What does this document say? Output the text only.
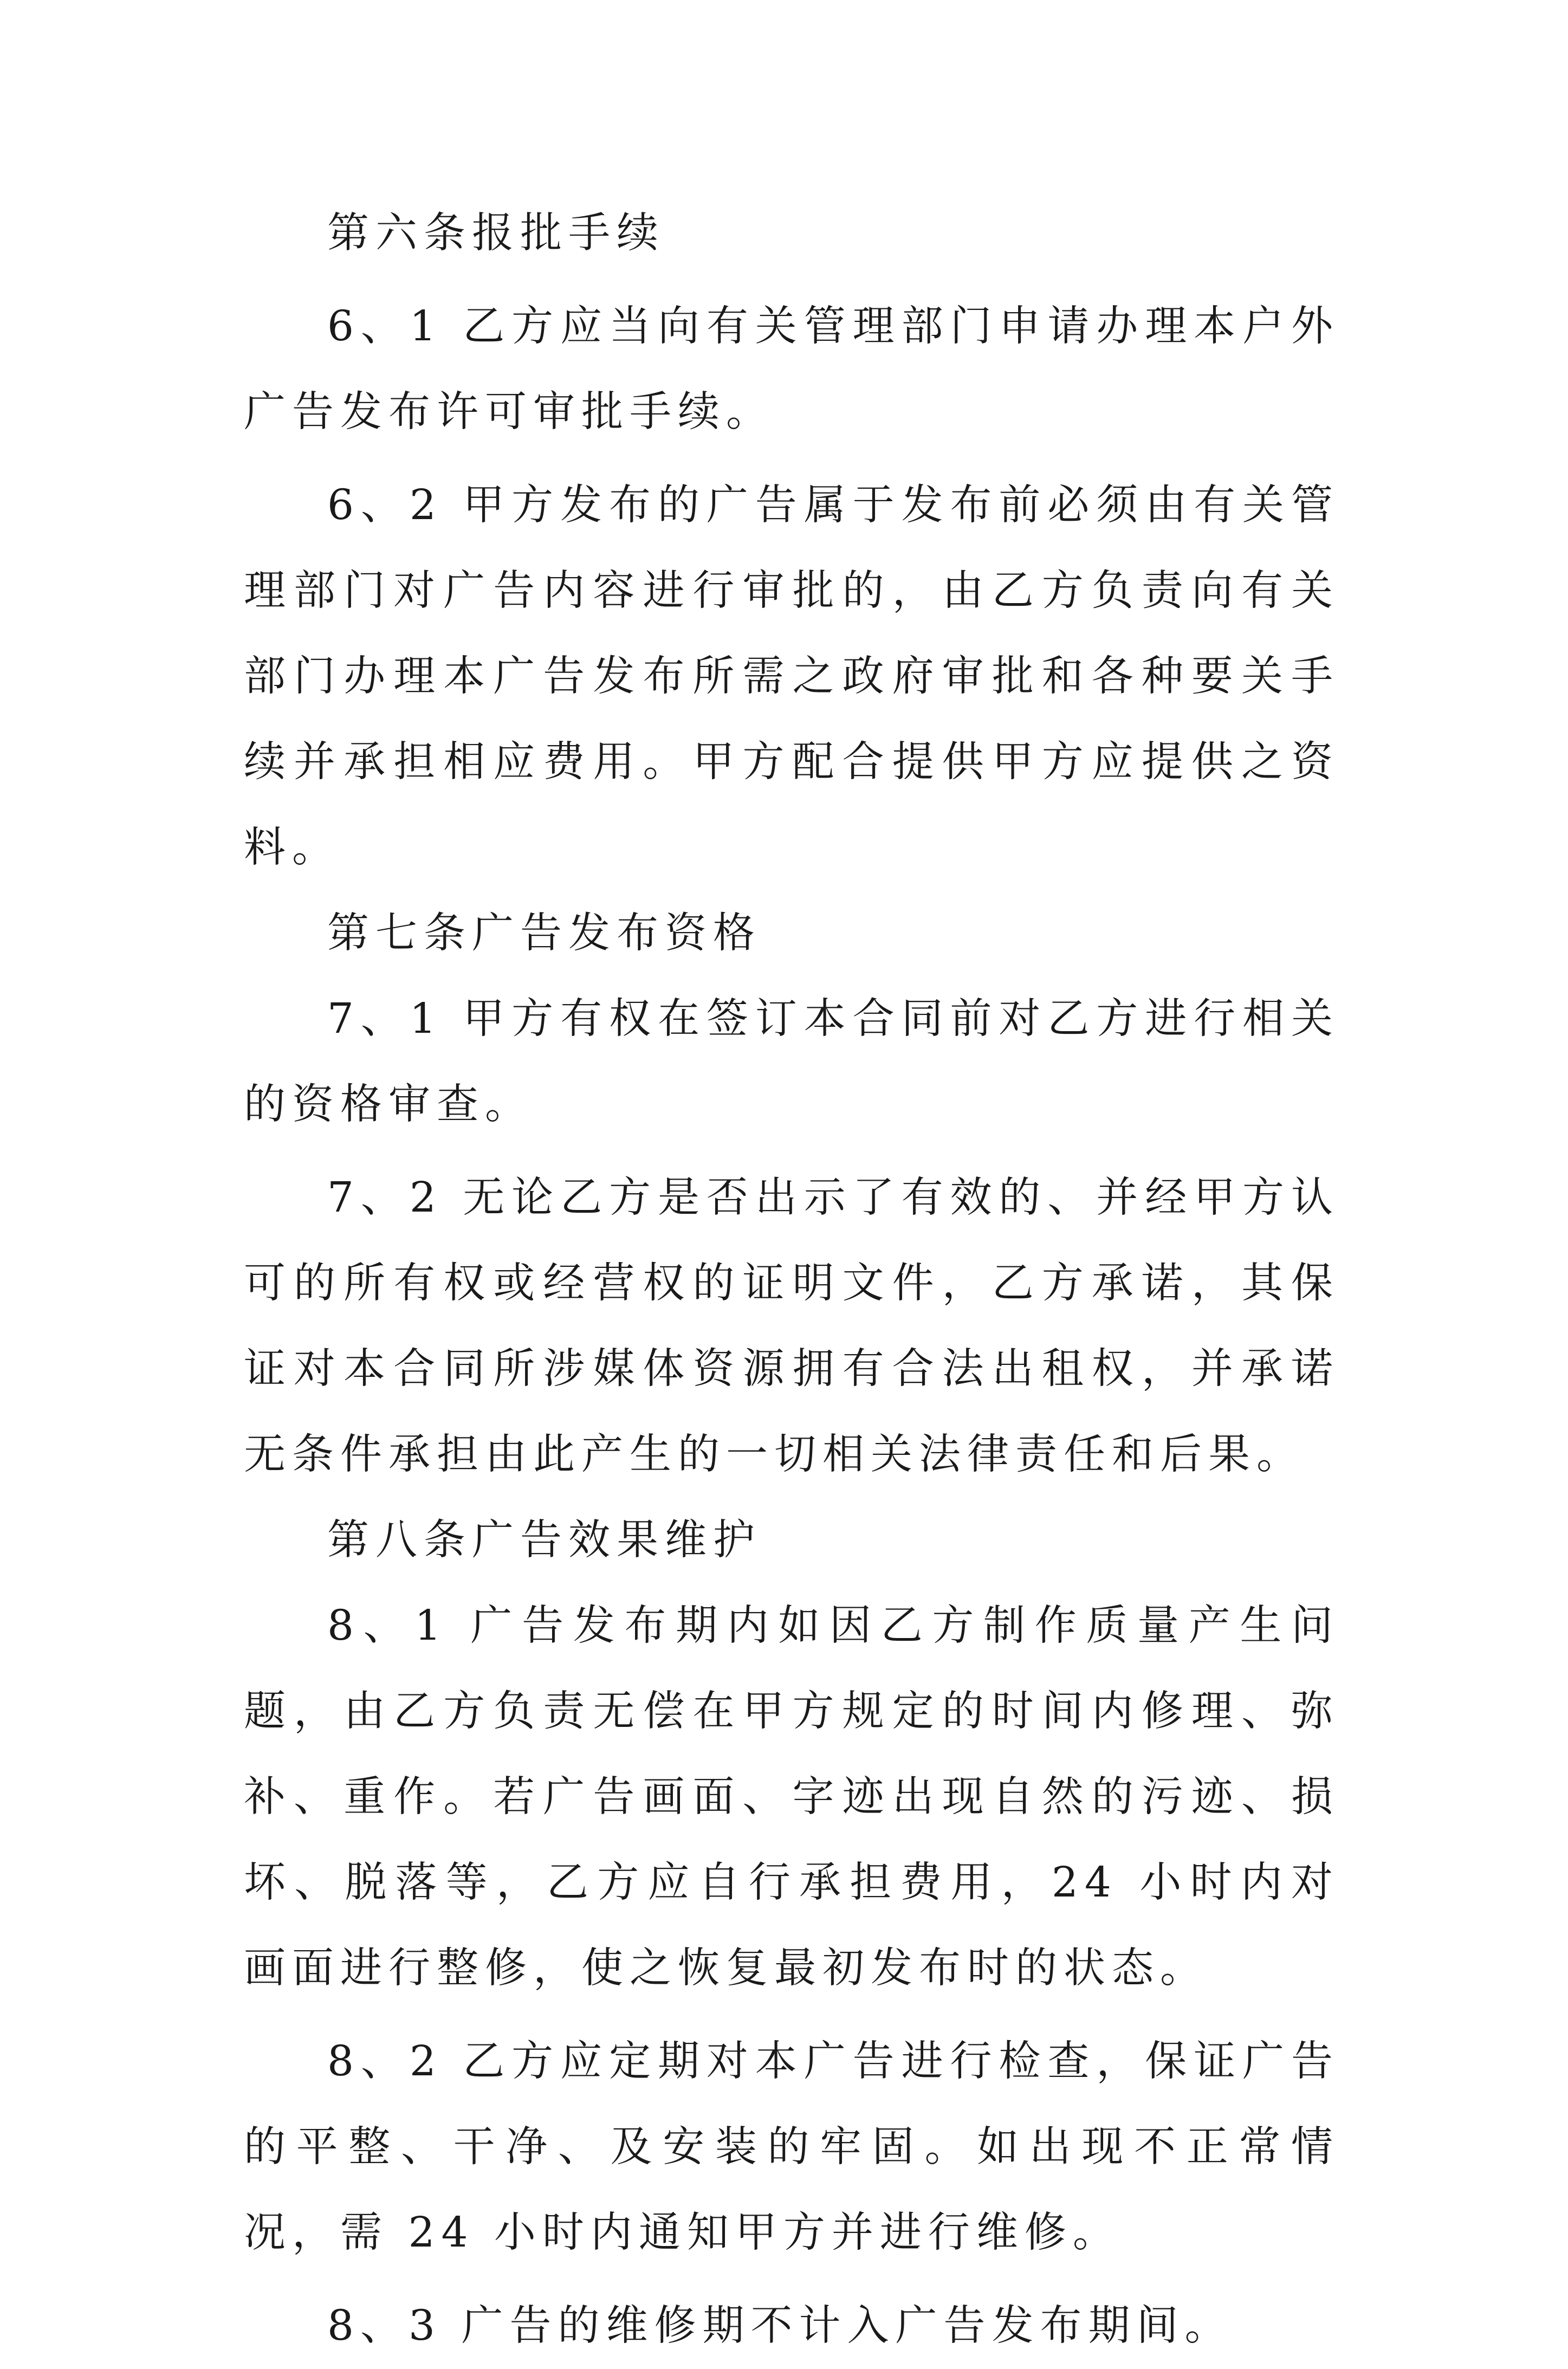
第六条报批手续

6、1 乙方应当向有关管理部门申请办理本户外广告发布许可审批手续。

6、2 甲方发布的广告属于发布前必须由有关管理部门对广告内容进行审批的，由乙方负责向有关部门办理本广告发布所需之政府审批和各种要关手续并承担相应费用。甲方配合提供甲方应提供之资料。

第七条广告发布资格

7、1 甲方有权在签订本合同前对乙方进行相关的资格审查。

7、2 无论乙方是否出示了有效的、并经甲方认可的所有权或经营权的证明文件，乙方承诺，其保证对本合同所涉媒体资源拥有合法出租权，并承诺无条件承担由此产生的一切相关法律责任和后果。

第八条广告效果维护

8、1 广告发布期内如因乙方制作质量产生问题，由乙方负责无偿在甲方规定的时间内修理、弥补、重作。若广告画面、字迹出现自然的污迹、损坏、脱落等，乙方应自行承担费用，24 小时内对画面进行整修，使之恢复最初发布时的状态。

8、2 乙方应定期对本广告进行检查，保证广告的平整、干净、及安装的牢固。如出现不正常情况，需 24 小时内通知甲方并进行维修。

8、3 广告的维修期不计入广告发布期间。
